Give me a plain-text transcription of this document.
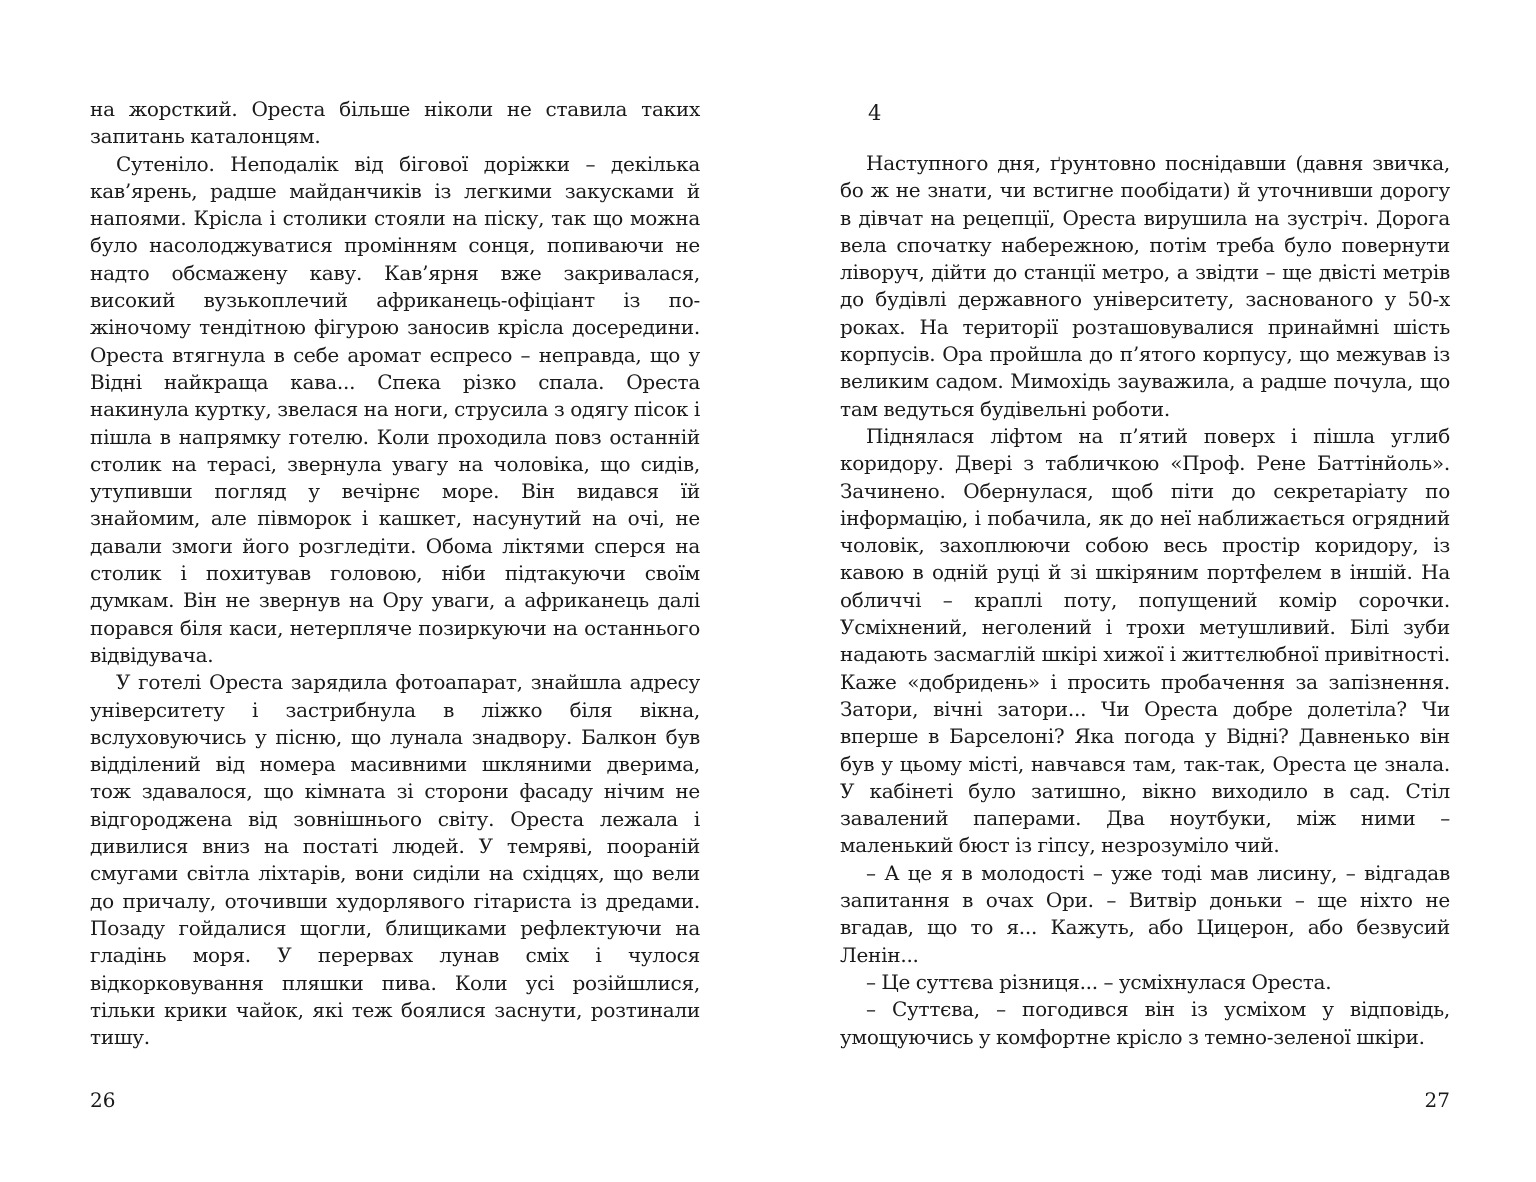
на жорсткий. Ореста більше ніколи не ставила таких запитань каталонцям.

Сутеніло. Неподалік від бігової доріжки – декілька кав’ярень, радше майданчиків із легкими закусками й напоями. Крісла і столики стояли на піску, так що можна було насолоджуватися промінням сонця, попиваючи не надто обсмажену каву. Кав’ярня вже закривалася, високий вузькоплечий африканець-офіціант із по-жіночому тендітною фігурою заносив крісла досередини. Ореста втягнула в себе аромат еспресо – неправда, що у Відні найкраща кава... Спека різко спала. Ореста накинула куртку, звелася на ноги, струсила з одягу пісок і пішла в напрямку готелю. Коли проходила повз останній столик на терасі, звернула увагу на чоловіка, що сидів, утупивши погляд у вечірнє море. Він видався їй знайомим, але півморок і кашкет, насунутий на очі, не давали змоги його розгледіти. Обома ліктями сперся на столик і похитував головою, ніби підтакуючи своїм думкам. Він не звернув на Ору уваги, а африканець далі порався біля каси, нетерпляче позиркуючи на останнього відвідувача.

У готелі Ореста зарядила фотоапарат, знайшла адресу університету і застрибнула в ліжко біля вікна, вслуховуючись у пісню, що лунала знадвору. Балкон був відділений від номера масивними шкляними дверима, тож здавалося, що кімната зі сторони фасаду нічим не відгороджена від зовнішнього світу. Ореста лежала і дивилися вниз на постаті людей. У темряві, поораній смугами світла ліхтарів, вони сиділи на східцях, що вели до причалу, оточивши худорлявого гітариста із дредами. Позаду гойдалися щогли, блищиками рефлектуючи на гладінь моря. У перервах лунав сміх і чулося відкорковування пляшки пива. Коли усі розійшлися, тільки крики чайок, які теж боялися заснути, розтинали тишу.

26
4

Наступного дня, ґрунтовно поснідавши (давня звичка, бо ж не знати, чи встигне пообідати) й уточнивши дорогу в дівчат на рецепції, Ореста вирушила на зустріч. Дорога вела спочатку набережною, потім треба було повернути ліворуч, дійти до станції метро, а звідти – ще двісті метрів до будівлі державного університету, заснованого у 50-х роках. На території розташовувалися принаймні шість корпусів. Ора пройшла до п’ятого корпусу, що межував із великим садом. Мимохідь зауважила, а радше почула, що там ведуться будівельні роботи.

Піднялася ліфтом на п’ятий поверх і пішла углиб коридору. Двері з табличкою «Проф. Рене Баттінйоль». Зачинено. Обернулася, щоб піти до секретаріату по інформацію, і побачила, як до неї наближається огрядний чоловік, захоплюючи собою весь простір коридору, із кавою в одній руці й зі шкіряним портфелем в іншій. На обличчі – краплі поту, попущений комір сорочки. Усміхнений, неголений і трохи метушливий. Білі зуби надають засмаглій шкірі хижої і життєлюбної привітності. Каже «добридень» і просить пробачення за запізнення. Затори, вічні затори... Чи Ореста добре долетіла? Чи вперше в Барселоні? Яка погода у Відні? Давненько він був у цьому місті, навчався там, так-так, Ореста це знала. У кабінеті було затишно, вікно виходило в сад. Стіл завалений паперами. Два ноутбуки, між ними – маленький бюст із гіпсу, незрозуміло чий.

– А це я в молодості – уже тоді мав лисину, – відгадав запитання в очах Ори. – Витвір доньки – ще ніхто не вгадав, що то я... Кажуть, або Цицерон, або безвусий Ленін...

– Це суттєва різниця... – усміхнулася Ореста.

– Суттєва, – погодився він із усміхом у відповідь, умощуючись у комфортне крісло з темно-зеленої шкіри.

27
